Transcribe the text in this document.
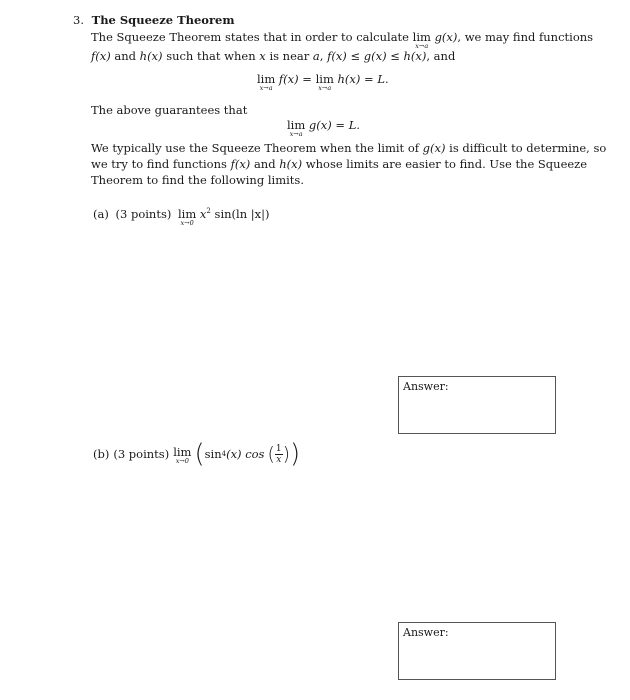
3. The Squeeze Theorem
The Squeeze Theorem states that in order to calculate lim
x→a
g(x), we may find functions
f(x) and h(x) such that when x is near a, f(x) ≤ g(x) ≤ h(x), and
lim
x→a
f(x) = lim
x→a
h(x) = L.
The above guarantees that
lim
x→a
g(x) = L.
We typically use the Squeeze Theorem when the limit of g(x) is difficult to determine, so
we try to find functions f(x) and h(x) whose limits are easier to find. Use the Squeeze
Theorem to find the following limits.
(a) (3 points) lim
x→0
$x^2$ sin(ln |x|)
Answer:
(b) (3 points) lim
x→0 ( sin 4 (x) cos ( $\frac{1}{x}$ ) )
Answer:
